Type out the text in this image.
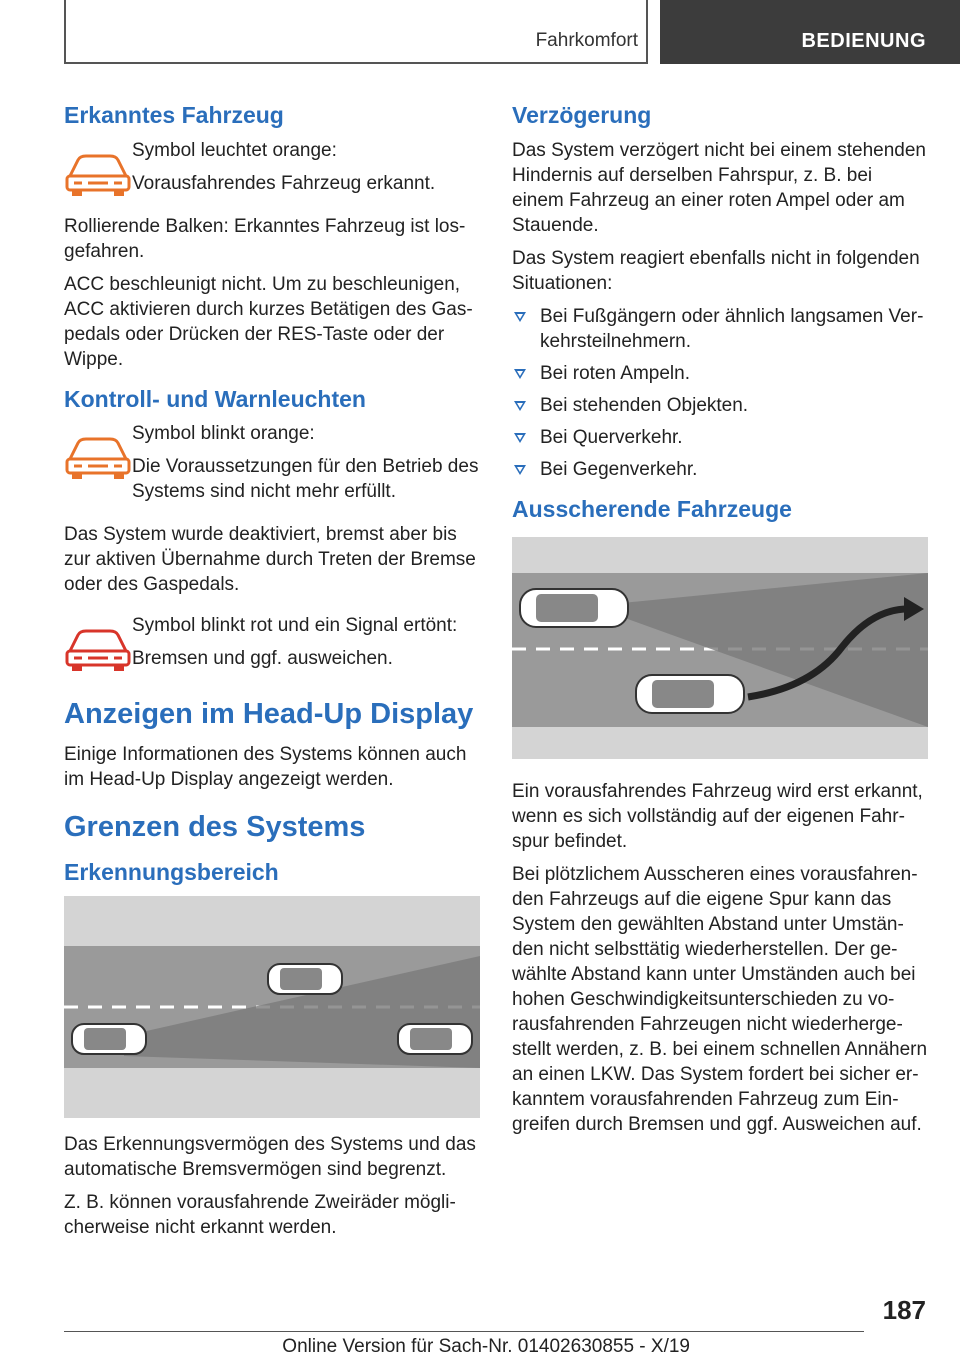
Fahrkomfort	BEDIENUNG
Erkanntes Fahrzeug

Symbol leuchtet orange:

Vorausfahrendes Fahrzeug erkannt.

Rollierende Balken: Erkanntes Fahrzeug ist losgefahren.

ACC beschleunigt nicht. Um zu beschleunigen, ACC aktivieren durch kurzes Betätigen des Gaspedals oder Drücken der RES-Taste oder der Wippe.

Kontroll- und Warnleuchten

Symbol blinkt orange:

Die Voraussetzungen für den Betrieb des Systems sind nicht mehr erfüllt.

Das System wurde deaktiviert, bremst aber bis zur aktiven Übernahme durch Treten der Bremse oder des Gaspedals.

Symbol blinkt rot und ein Signal ertönt:

Bremsen und ggf. ausweichen.

Anzeigen im Head-Up Display

Einige Informationen des Systems können auch im Head-Up Display angezeigt werden.

Grenzen des Systems
Erkennungsbereich

Das Erkennungsvermögen des Systems und das automatische Bremsvermögen sind begrenzt.

Z. B. können vorausfahrende Zweiräder möglicherweise nicht erkannt werden.

Verzögerung

Das System verzögert nicht bei einem stehenden Hindernis auf derselben Fahrspur, z. B. bei einem Fahrzeug an einer roten Ampel oder am Stauende.

Das System reagiert ebenfalls nicht in folgenden Situationen:

Bei Fußgängern oder ähnlich langsamen Verkehrsteilnehmern.
Bei roten Ampeln.
Bei stehenden Objekten.
Bei Querverkehr.
Bei Gegenverkehr.
Ausscherende Fahrzeuge

Ein vorausfahrendes Fahrzeug wird erst erkannt, wenn es sich vollständig auf der eigenen Fahrspur befindet.

Bei plötzlichem Ausscheren eines vorausfahrenden Fahrzeugs auf die eigene Spur kann das System den gewählten Abstand unter Umständen nicht selbsttätig wiederherstellen. Der gewählte Abstand kann unter Umständen auch bei hohen Geschwindigkeitsunterschieden zu vorausfahrenden Fahrzeugen nicht wiederhergestellt werden, z. B. bei einem schnellen Annähern an einen LKW. Das System fordert bei sicher erkanntem vorausfahrenden Fahrzeug zum Eingreifen durch Bremsen und ggf. Ausweichen auf.

187
Online Version für Sach-Nr. 01402630855 - X/19
